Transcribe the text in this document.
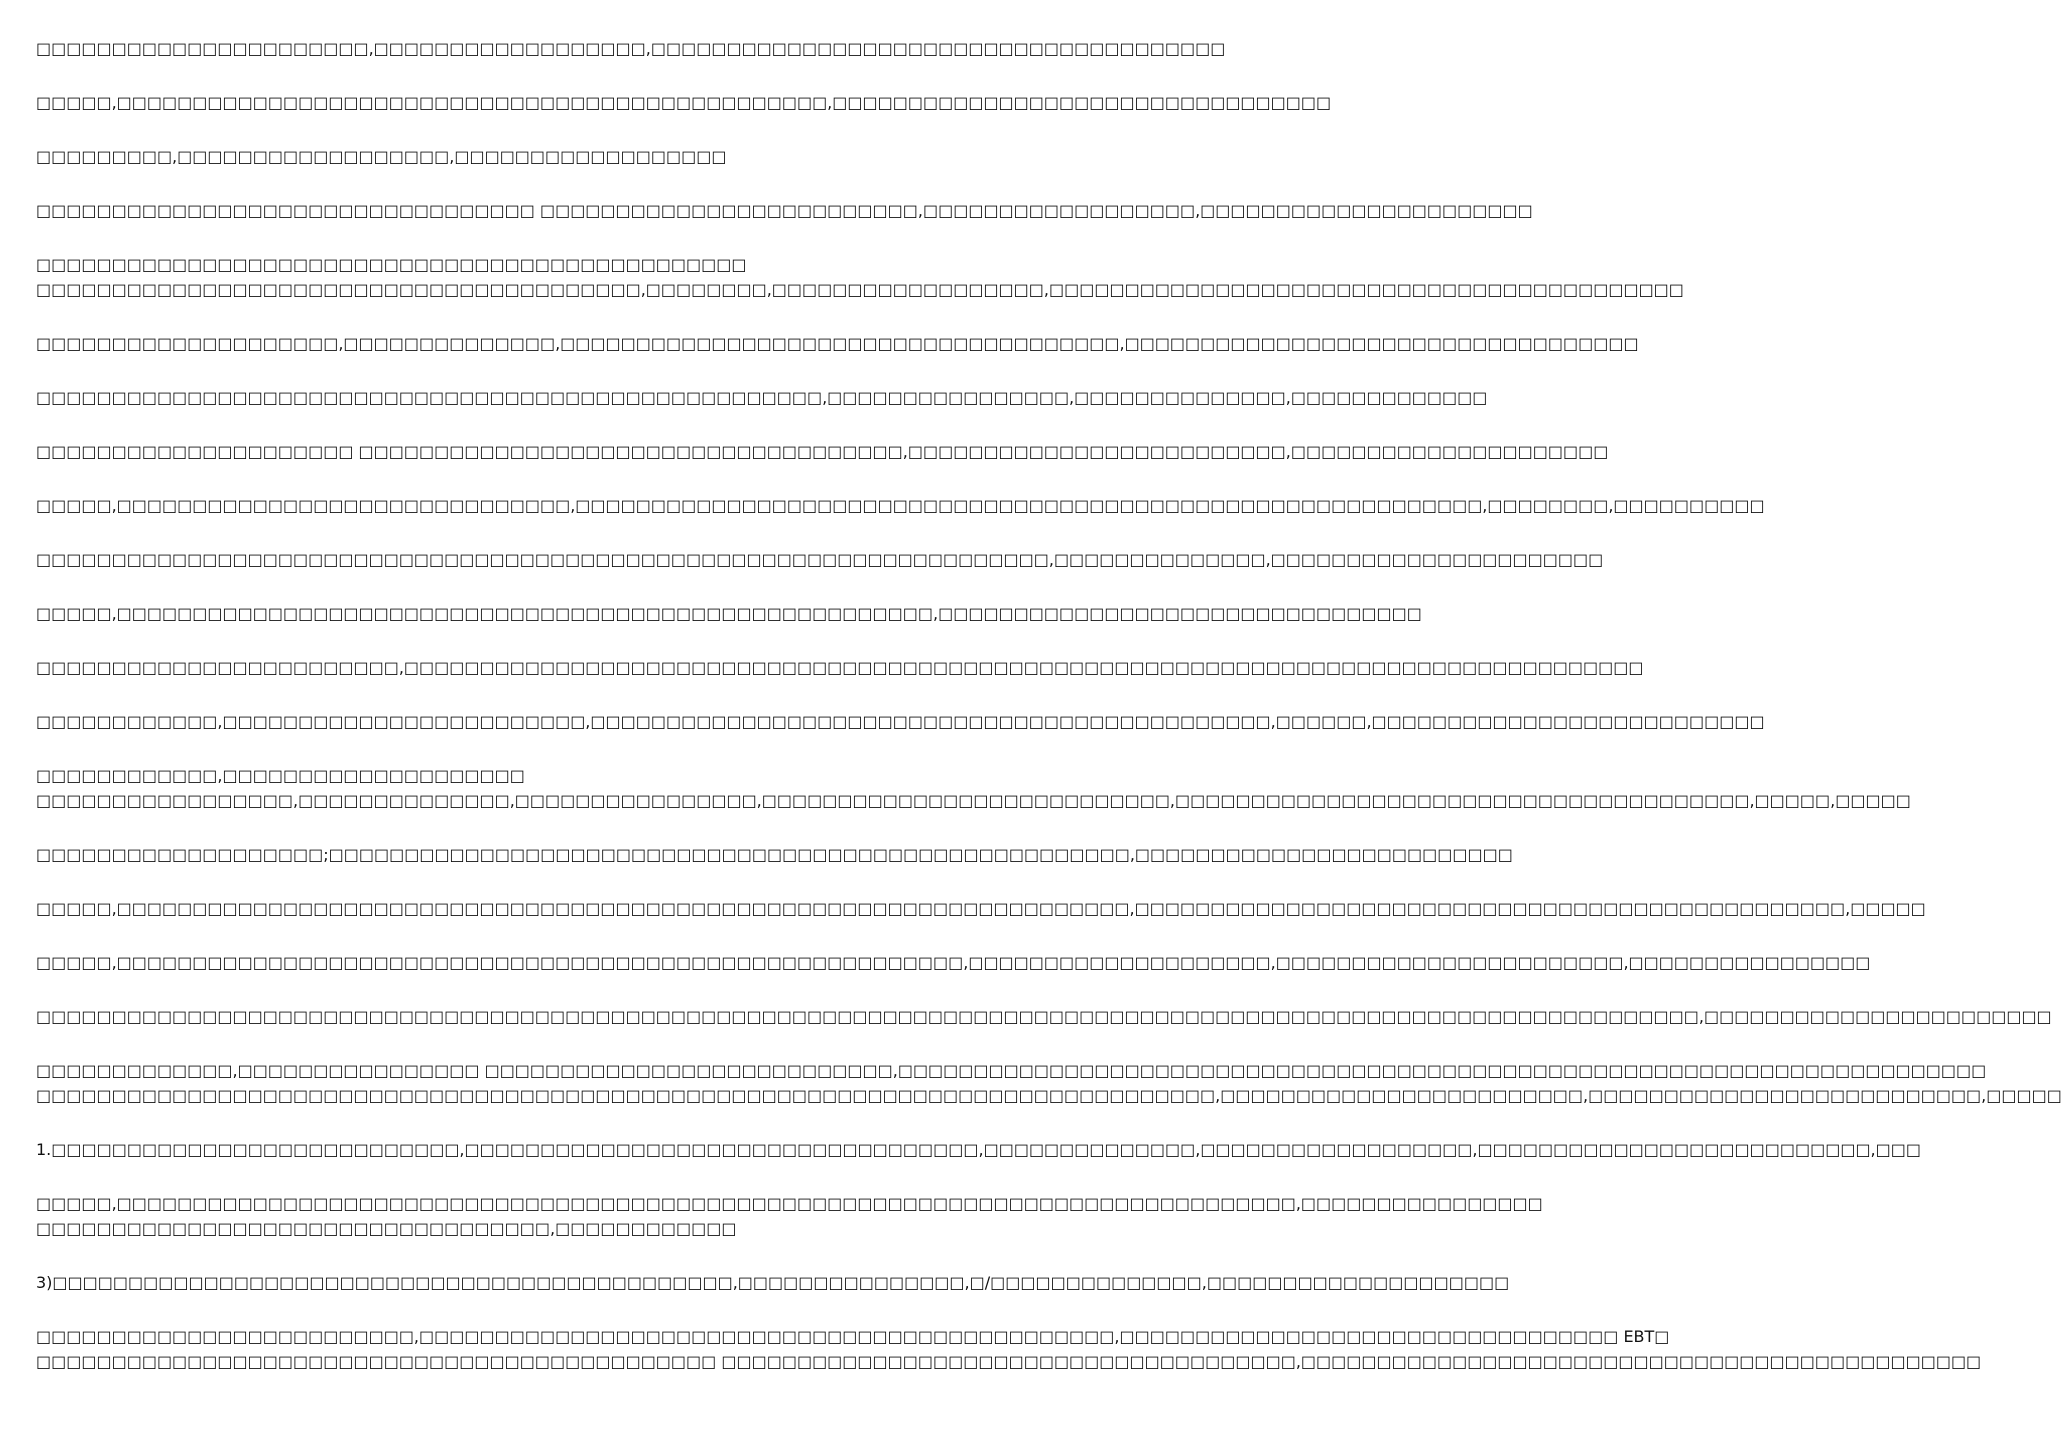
□□□□□□□□□□□□□□□□□□□□□□,□□□□□□□□□□□□□□□□□□,□□□□□□□□□□□□□□□□□□□□□□□□□□□□□□□□□□□□□□
□□□□□,□□□□□□□□□□□□□□□□□□□□□□□□□□□□□□□□□□□□□□□□□□□□□□□,□□□□□□□□□□□□□□□□□□□□□□□□□□□□□□□□□
□□□□□□□□□,□□□□□□□□□□□□□□□□□□,□□□□□□□□□□□□□□□□□□
□□□□□□□□□□□□□□□□□□□□□□□□□□□□□□□□□ □□□□□□□□□□□□□□□□□□□□□□□□□,□□□□□□□□□□□□□□□□□□,□□□□□□□□□□□□□□□□□□□□□□
□□□□□□□□□□□□□□□□□□□□□□□□□□□□□□□□□□□□□□□□□□□□□□□
□□□□□□□□□□□□□□□□□□□□□□□□□□□□□□□□□□□□□□□□,□□□□□□□□,□□□□□□□□□□□□□□□□□□,□□□□□□□□□□□□□□□□□□□□□□□□□□□□□□□□□□□□□□□□□□
□□□□□□□□□□□□□□□□□□□□,□□□□□□□□□□□□□□,□□□□□□□□□□□□□□□□□□□□□□□□□□□□□□□□□□□□□,□□□□□□□□□□□□□□□□□□□□□□□□□□□□□□□□□□
□□□□□□□□□□□□□□□□□□□□□□□□□□□□□□□□□□□□□□□□□□□□□□□□□□□□,□□□□□□□□□□□□□□□□,□□□□□□□□□□□□□□,□□□□□□□□□□□□□
□□□□□□□□□□□□□□□□□□□□□ □□□□□□□□□□□□□□□□□□□□□□□□□□□□□□□□□□□□,□□□□□□□□□□□□□□□□□□□□□□□□□,□□□□□□□□□□□□□□□□□□□□□
□□□□□,□□□□□□□□□□□□□□□□□□□□□□□□□□□□□□,□□□□□□□□□□□□□□□□□□□□□□□□□□□□□□□□□□□□□□□□□□□□□□□□□□□□□□□□□□□□,□□□□□□□□,□□□□□□□□□□
□□□□□□□□□□□□□□□□□□□□□□□□□□□□□□□□□□□□□□□□□□□□□□□□□□□□□□□□□□□□□□□□□□□,□□□□□□□□□□□□□□,□□□□□□□□□□□□□□□□□□□□□□
□□□□□,□□□□□□□□□□□□□□□□□□□□□□□□□□□□□□□□□□□□□□□□□□□□□□□□□□□□□□,□□□□□□□□□□□□□□□□□□□□□□□□□□□□□□□□
□□□□□□□□□□□□□□□□□□□□□□□□,□□□□□□□□□□□□□□□□□□□□□□□□□□□□□□□□□□□□□□□□□□□□□□□□□□□□□□□□□□□□□□□□□□□□□□□□□□□□□□□□□□
□□□□□□□□□□□□,□□□□□□□□□□□□□□□□□□□□□□□□,□□□□□□□□□□□□□□□□□□□□□□□□□□□□□□□□□□□□□□□□□□□□□,□□□□□□,□□□□□□□□□□□□□□□□□□□□□□□□□□
□□□□□□□□□□□□,□□□□□□□□□□□□□□□□□□□□
□□□□□□□□□□□□□□□□□,□□□□□□□□□□□□□□,□□□□□□□□□□□□□□□□,□□□□□□□□□□□□□□□□□□□□□□□□□□□,□□□□□□□□□□□□□□□□□□□□□□□□□□□□□□□□□□□□□□,□□□□□,□□□□□
□□□□□□□□□□□□□□□□□□□;□□□□□□□□□□□□□□□□□□□□□□□□□□□□□□□□□□□□□□□□□□□□□□□□□□□□□,□□□□□□□□□□□□□□□□□□□□□□□□□
□□□□□,□□□□□□□□□□□□□□□□□□□□□□□□□□□□□□□□□□□□□□□□□□□□□□□□□□□□□□□□□□□□□□□□□□□,□□□□□□□□□□□□□□□□□□□□□□□□□□□□□□□□□□□□□□□□□□□□□□□,□□□□□
□□□□□,□□□□□□□□□□□□□□□□□□□□□□□□□□□□□□□□□□□□□□□□□□□□□□□□□□□□□□□□,□□□□□□□□□□□□□□□□□□□□,□□□□□□□□□□□□□□□□□□□□□□□,□□□□□□□□□□□□□□□□
□□□□□□□□□□□□□□□□□□□□□□□□□□□□□□□□□□□□□□□□□□□□□□□□□□□□□□□□□□□□□□□□□□□□□□□□□□□□□□□□□□□□□□□□□□□□□□□□□□□□□□□□□□□□□□,□□□□□□□□□□□□□□□□□□□□□□□
□□□□□□□□□□□□□,□□□□□□□□□□□□□□□□ □□□□□□□□□□□□□□□□□□□□□□□□□□□,□□□□□□□□□□□□□□□□□□□□□□□□□□□□□□□□□□□□□□□□□□□□□□□□□□□□□□□□□□□□□□□□□□□□□□□□
□□□□□□□□□□□□□□□□□□□□□□□□□□□□□□□□□□□□□□□□□□□□□□□□□□□□□□□□□□□□□□□□□□□□□□□□□□□□□□,□□□□□□□□□□□□□□□□□□□□□□□□,□□□□□□□□□□□□□□□□□□□□□□□□□□,□□□□□
1.□□□□□□□□□□□□□□□□□□□□□□□□□□□,□□□□□□□□□□□□□□□□□□□□□□□□□□□□□□□□□□,□□□□□□□□□□□□□□,□□□□□□□□□□□□□□□□□□,□□□□□□□□□□□□□□□□□□□□□□□□□□,□□□
□□□□□,□□□□□□□□□□□□□□□□□□□□□□□□□□□□□□□□□□□□□□□□□□□□□□□□□□□□□□□□□□□□□□□□□□□□□□□□□□□□□□,□□□□□□□□□□□□□□□□
□□□□□□□□□□□□□□□□□□□□□□□□□□□□□□□□□□,□□□□□□□□□□□□
3)□□□□□□□□□□□□□□□□□□□□□□□□□□□□□□□□□□□□□□□□□□□□□,□□□□□□□□□□□□□□□,□/□□□□□□□□□□□□□□,□□□□□□□□□□□□□□□□□□□□
□□□□□□□□□□□□□□□□□□□□□□□□□,□□□□□□□□□□□□□□□□□□□□□□□□□□□□□□□□□□□□□□□□□□□□□□,□□□□□□□□□□□□□□□□□□□□□□□□□□□□□□□□□ EBT□
□□□□□□□□□□□□□□□□□□□□□□□□□□□□□□□□□□□□□□□□□□□□□ □□□□□□□□□□□□□□□□□□□□□□□□□□□□□□□□□□□□□□,□□□□□□□□□□□□□□□□□□□□□□□□□□□□□□□□□□□□□□□□□□□□□
